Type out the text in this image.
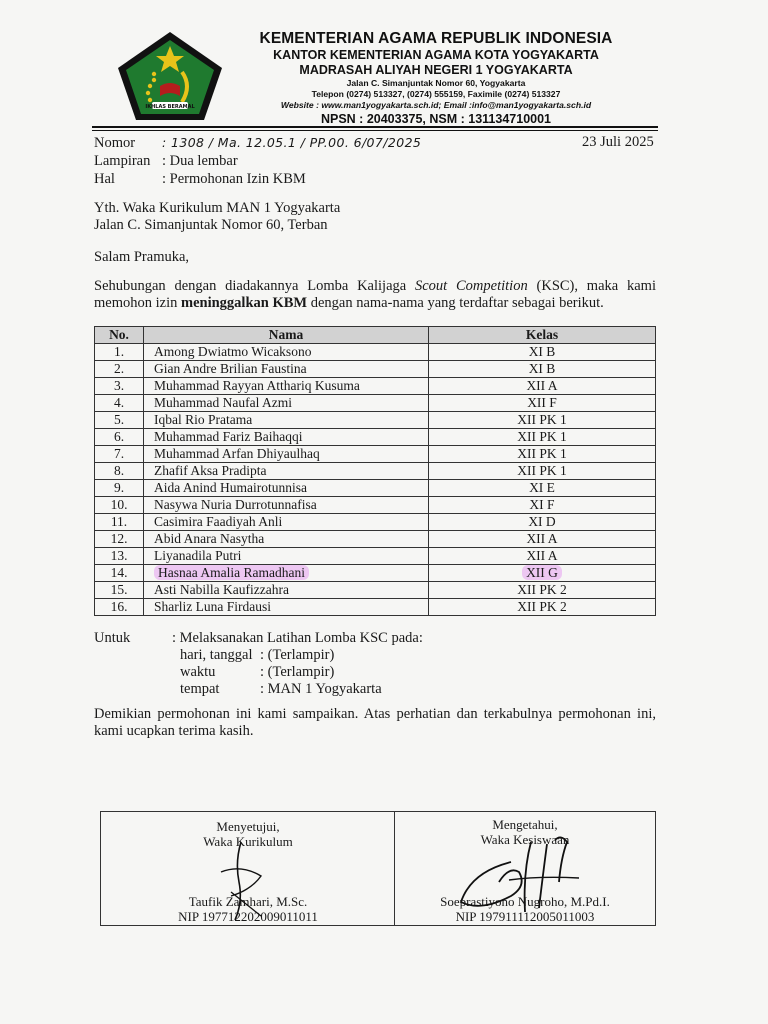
IKHLAS BERAMAL
KEMENTERIAN AGAMA REPUBLIK INDONESIA
KANTOR KEMENTERIAN AGAMA KOTA YOGYAKARTA
MADRASAH ALIYAH NEGERI 1 YOGYAKARTA
Jalan C. Simanjuntak Nomor 60, Yogyakarta
Telepon (0274) 513327, (0274) 555159, Faximile (0274) 513327
Website : www.man1yogyakarta.sch.id; Email :info@man1yogyakarta.sch.id
NPSN : 20403375, NSM : 131134710001
Nomor	: 1308 / Ma. 12.05.1 / PP.00. 6/07/2025
Lampiran : Dua lembar
Hal	: Permohonan Izin KBM
23 Juli 2025
Yth. Waka Kurikulum MAN 1 Yogyakarta
Jalan C. Simanjuntak Nomor 60, Terban
Salam Pramuka,
Sehubungan dengan diadakannya Lomba Kalijaga Scout Competition (KSC), maka kami memohon izin meninggalkan KBM dengan nama-nama yang terdaftar sebagai berikut.
No.	Nama	Kelas
1.	Among Dwiatmo Wicaksono	XI B
2.	Gian Andre Brilian Faustina	XI B
3.	Muhammad Rayyan Atthariq Kusuma	XII A
4.	Muhammad Naufal Azmi	XII F
5.	Iqbal Rio Pratama	XII PK 1
6.	Muhammad Fariz Baihaqqi	XII PK 1
7.	Muhammad Arfan Dhiyaulhaq	XII PK 1
8.	Zhafif Aksa Pradipta	XII PK 1
9.	Aida Anind Humairotunnisa	XI E
10.	Nasywa Nuria Durrotunnafisa	XI F
11.	Casimira Faadiyah Anli	XI D
12.	Abid Anara Nasytha	XII A
13.	Liyanadila Putri	XII A
14.	Hasnaa Amalia Ramadhani	XII G
15.	Asti Nabilla Kaufizzahra	XII PK 2
16.	Sharliz Luna Firdausi	XII PK 2
Untuk	: Melaksanakan Latihan Lomba KSC pada:
hari, tanggal : (Terlampir)
waktu	: (Terlampir)
tempat	: MAN 1 Yogyakarta
Demikian permohonan ini kami sampaikan. Atas perhatian dan terkabulnya permohonan ini, kami ucapkan terima kasih.
Menyetujui,
Waka Kurikulum
Taufik Zamhari, M.Sc.
NIP 197712202009011011
Mengetahui,
Waka Kesiswaan
Soeprastiyono Nugroho, M.Pd.I.
NIP 197911112005011003
